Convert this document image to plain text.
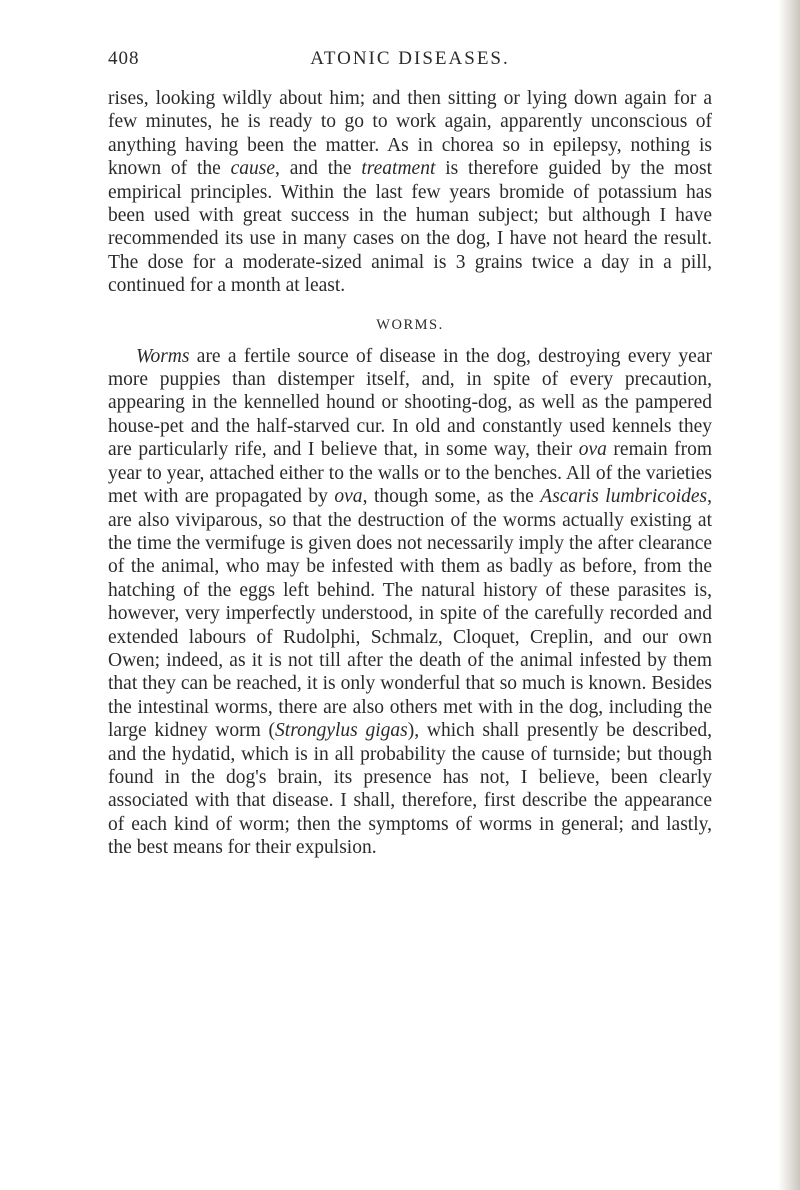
408	ATONIC DISEASES.

rises, looking wildly about him; and then sitting or lying down again for a few minutes, he is ready to go to work again, apparently unconscious of anything having been the matter. As in chorea so in epilepsy, nothing is known of the cause, and the treatment is therefore guided by the most empirical principles. Within the last few years bromide of potassium has been used with great success in the human subject; but although I have recommended its use in many cases on the dog, I have not heard the result. The dose for a moderate-sized animal is 3 grains twice a day in a pill, continued for a month at least.

WORMS.

Worms are a fertile source of disease in the dog, destroying every year more puppies than distemper itself, and, in spite of every precaution, appearing in the kennelled hound or shooting-dog, as well as the pampered house-pet and the half-starved cur. In old and constantly used kennels they are particularly rife, and I believe that, in some way, their ova remain from year to year, attached either to the walls or to the benches. All of the varieties met with are propagated by ova, though some, as the Ascaris lumbricoides, are also viviparous, so that the destruction of the worms actually existing at the time the vermifuge is given does not necessarily imply the after clearance of the animal, who may be infested with them as badly as before, from the hatching of the eggs left behind. The natural history of these parasites is, however, very imperfectly understood, in spite of the carefully recorded and extended labours of Rudolphi, Schmalz, Cloquet, Creplin, and our own Owen; indeed, as it is not till after the death of the animal infested by them that they can be reached, it is only wonderful that so much is known. Besides the intestinal worms, there are also others met with in the dog, including the large kidney worm (Strongylus gigas), which shall presently be described, and the hydatid, which is in all probability the cause of turnside; but though found in the dog's brain, its presence has not, I believe, been clearly associated with that disease. I shall, therefore, first describe the appearance of each kind of worm; then the symptoms of worms in general; and lastly, the best means for their expulsion.
